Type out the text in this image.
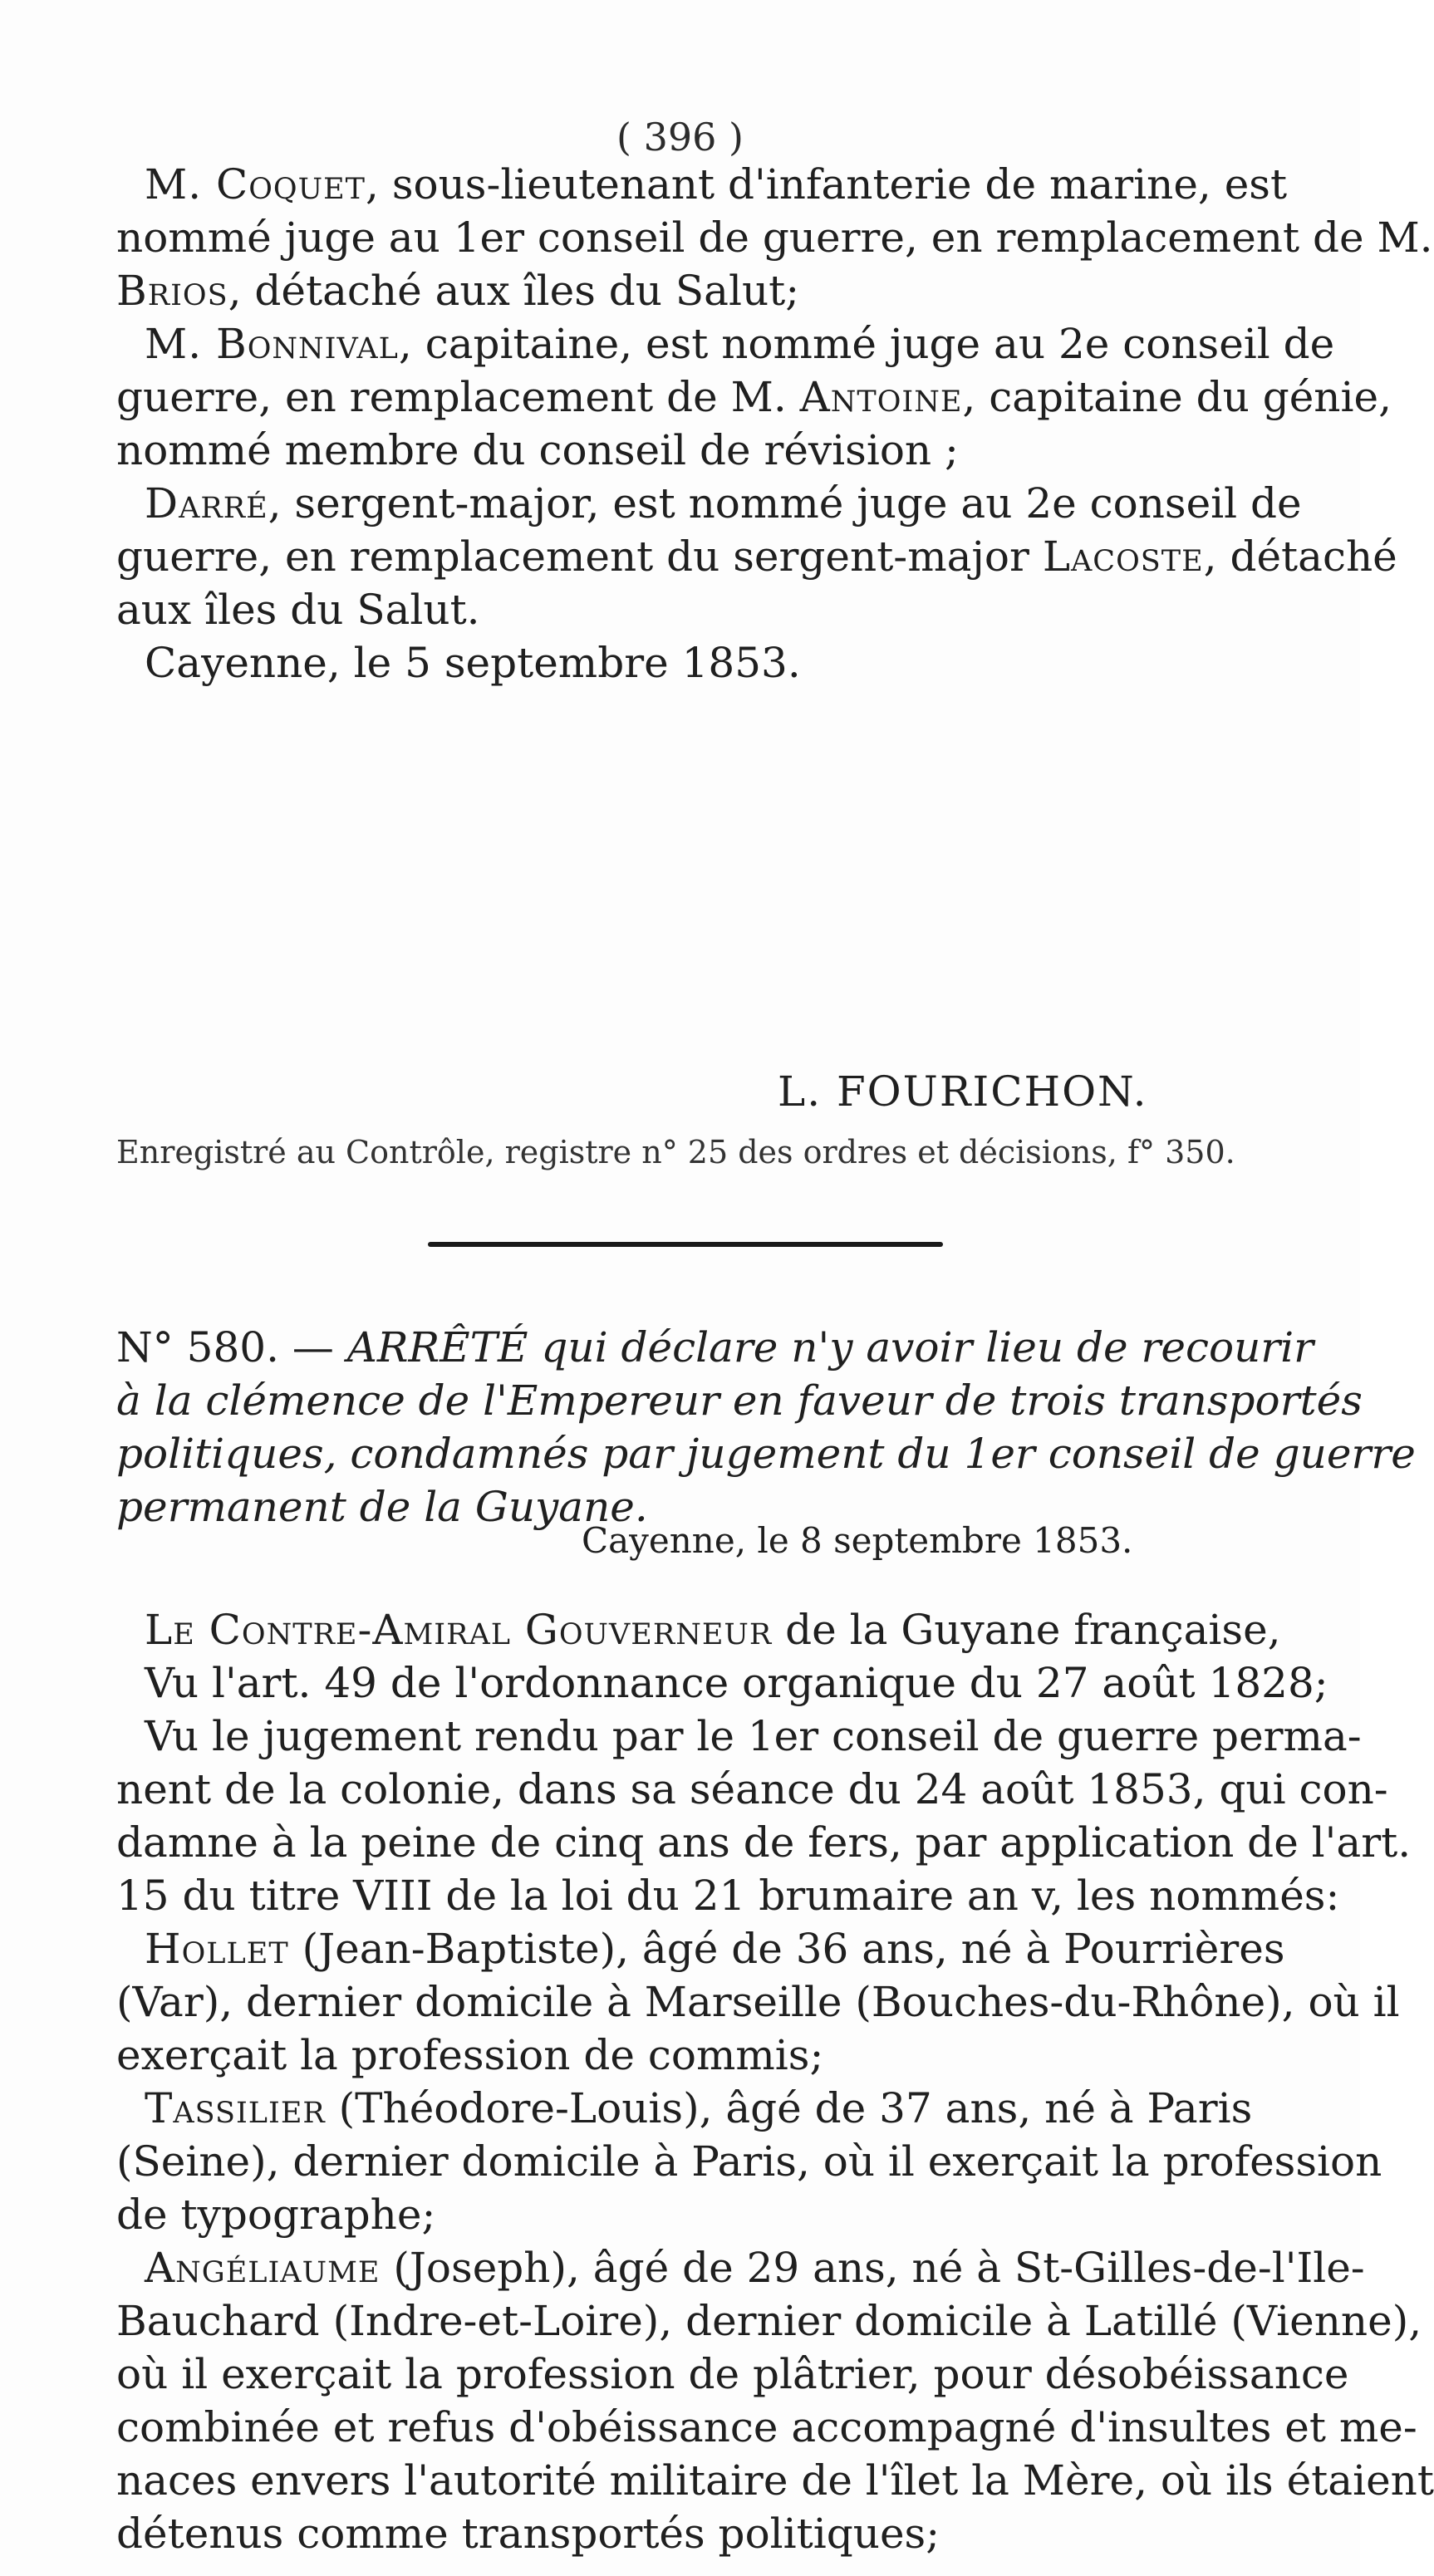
( 396 )

M. Coquet, sous-lieutenant d'infanterie de marine, est
nommé juge au 1er conseil de guerre, en remplacement de M.
Brios, détaché aux îles du Salut;

M. Bonnival, capitaine, est nommé juge au 2e conseil de
guerre, en remplacement de M. Antoine, capitaine du génie,
nommé membre du conseil de révision ;

Darré, sergent-major, est nommé juge au 2e conseil de
guerre, en remplacement du sergent-major Lacoste, détaché
aux îles du Salut.

Cayenne, le 5 septembre 1853.

L. FOURICHON.
Enregistré au Contrôle, registre n° 25 des ordres et décisions, f° 350.
N° 580. — ARRÊTÉ qui déclare n'y avoir lieu de recourir
à la clémence de l'Empereur en faveur de trois transportés
politiques, condamnés par jugement du 1er conseil de guerre
permanent de la Guyane.
Cayenne, le 8 septembre 1853.
Le Contre-Amiral Gouverneur de la Guyane française,
Vu l'art. 49 de l'ordonnance organique du 27 août 1828;
Vu le jugement rendu par le 1er conseil de guerre perma-
nent de la colonie, dans sa séance du 24 août 1853, qui con-
damne à la peine de cinq ans de fers, par application de l'art.
15 du titre VIII de la loi du 21 brumaire an v, les nommés:
Hollet (Jean-Baptiste), âgé de 36 ans, né à Pourrières
(Var), dernier domicile à Marseille (Bouches-du-Rhône), où il
exerçait la profession de commis;
Tassilier (Théodore-Louis), âgé de 37 ans, né à Paris
(Seine), dernier domicile à Paris, où il exerçait la profession
de typographe;
Angéliaume (Joseph), âgé de 29 ans, né à St-Gilles-de-l'Ile-
Bauchard (Indre-et-Loire), dernier domicile à Latillé (Vienne),
où il exerçait la profession de plâtrier, pour désobéissance
combinée et refus d'obéissance accompagné d'insultes et me-
naces envers l'autorité militaire de l'îlet la Mère, où ils étaient
détenus comme transportés politiques;
